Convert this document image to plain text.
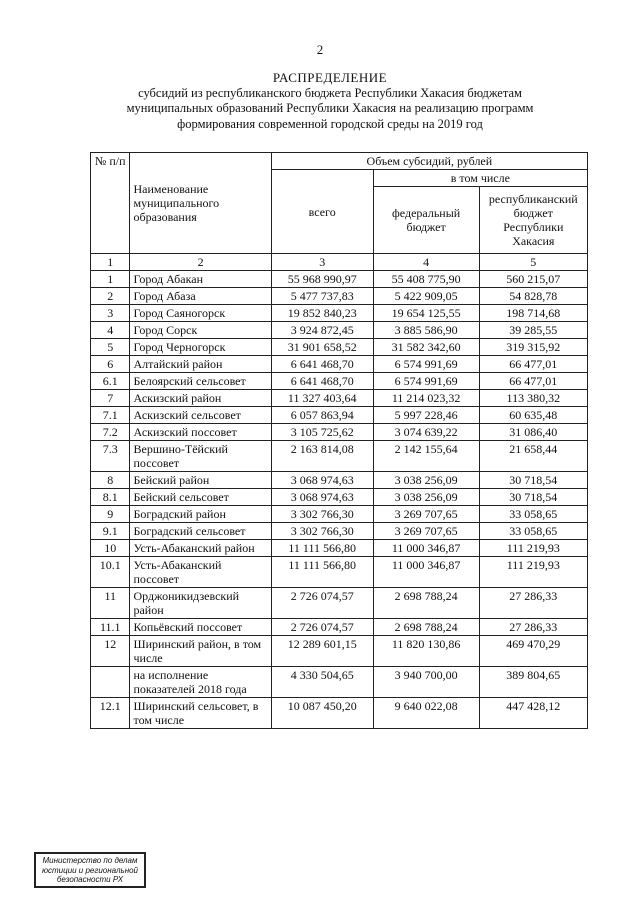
2
РАСПРЕДЕЛЕНИЕ
субсидий из республиканского бюджета Республики Хакасия бюджетам
муниципальных образований Республики Хакасия на реализацию программ
формирования современной городской среды на 2019 год
№ п/п	Наименование муниципального образования	Объем субсидий, рублей		
		всего	в том числе	
			федеральный бюджет	республиканский бюджет Республики Хакасия
1	2	3	4	5
1	Город Абакан	55 968 990,97	55 408 775,90	560 215,07
2	Город Абаза	5 477 737,83	5 422 909,05	54 828,78
3	Город Саяногорск	19 852 840,23	19 654 125,55	198 714,68
4	Город Сорск	3 924 872,45	3 885 586,90	39 285,55
5	Город Черногорск	31 901 658,52	31 582 342,60	319 315,92
6	Алтайский район	6 641 468,70	6 574 991,69	66 477,01
6.1	Белоярский сельсовет	6 641 468,70	6 574 991,69	66 477,01
7	Аскизский район	11 327 403,64	11 214 023,32	113 380,32
7.1	Аскизский сельсовет	6 057 863,94	5 997 228,46	60 635,48
7.2	Аскизский поссовет	3 105 725,62	3 074 639,22	31 086,40
7.3	Вершино-Тёйский поссовет	2 163 814,08	2 142 155,64	21 658,44
8	Бейский район	3 068 974,63	3 038 256,09	30 718,54
8.1	Бейский сельсовет	3 068 974,63	3 038 256,09	30 718,54
9	Боградский район	3 302 766,30	3 269 707,65	33 058,65
9.1	Боградский сельсовет	3 302 766,30	3 269 707,65	33 058,65
10	Усть-Абаканский район	11 111 566,80	11 000 346,87	111 219,93
10.1	Усть-Абаканский поссовет	11 111 566,80	11 000 346,87	111 219,93
11	Орджоникидзевский район	2 726 074,57	2 698 788,24	27 286,33
11.1	Копьёвский поссовет	2 726 074,57	2 698 788,24	27 286,33
12	Ширинский район, в том числе	12 289 601,15	11 820 130,86	469 470,29
	на исполнение показателей 2018 года	4 330 504,65	3 940 700,00	389 804,65
12.1	Ширинский сельсовет, в том числе	10 087 450,20	9 640 022,08	447 428,12
Министерство по делам
юстиции и региональной
безопасности РХ
